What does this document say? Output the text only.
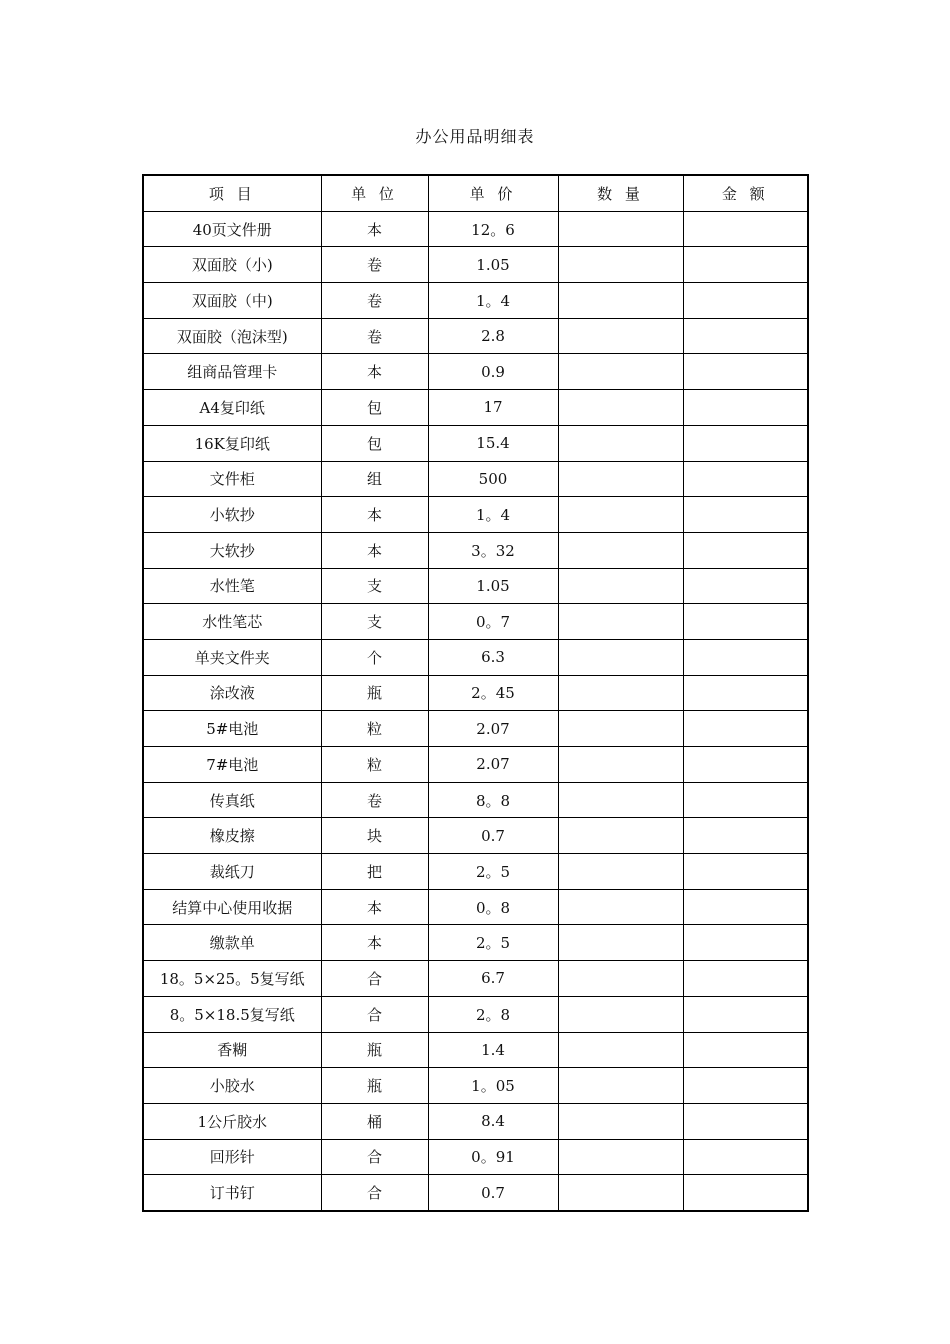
办公用品明细表
项 目	单 位	单 价	数 量	金 额
40页文件册	本	12。6		
双面胶（小)	卷	1.05		
双面胶（中)	卷	1。4		
双面胶（泡沫型)	卷	2.8		
组商品管理卡	本	0.9		
A4复印纸	包	17		
16K复印纸	包	15.4		
文件柜	组	500		
小软抄	本	1。4		
大软抄	本	3。32		
水性笔	支	1.05		
水性笔芯	支	0。7		
单夹文件夹	个	6.3		
涂改液	瓶	2。45		
5#电池	粒	2.07		
7#电池	粒	2.07		
传真纸	卷	8。8		
橡皮擦	块	0.7		
裁纸刀	把	2。5		
结算中心使用收据	本	0。8		
缴款单	本	2。5		
18。5×25。5复写纸	合	6.7		
8。5×18.5复写纸	合	2。8		
香糊	瓶	1.4		
小胶水	瓶	1。05		
1公斤胶水	桶	8.4		
回形针	合	0。91		
订书钉	合	0.7		
